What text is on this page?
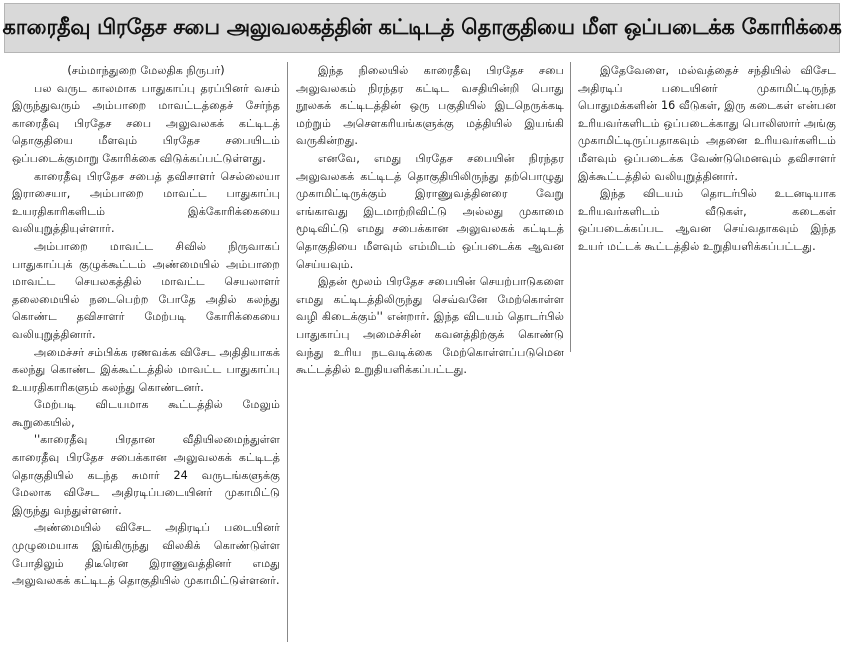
காரைதீவு பிரதேச சபை அலுவலகத்தின் கட்டிடத் தொகுதியை மீள ஒப்படைக்க கோரிக்கை

(சம்மாந்துறை மேலதிக நிருபர்)

பல வருட காலமாக பாதுகாப்பு தரப்பினர் வசம் இருந்துவரும் அம்பாறை மாவட்டத்தைச் சேர்ந்த காரைதீவு பிரதேச சபை அலுவலகக் கட்டிடத் தொகுதியை மீளவும் பிரதேச சபையிடம் ஒப்படைக்குமாறு கோரிக்கை விடுக்கப்பட்டுள்ளது.

காரைதீவு பிரதேச சபைத் தவிசாளர் செல்லையா இராசையா, அம்பாறை மாவட்ட பாதுகாப்பு உயரதிகாரிகளிடம் இக்கோரிக்கையை வலியுறுத்தியுள்ளார்.

அம்பாறை மாவட்ட சிவில் நிருவாகப் பாதுகாப்புக் குழுக்கூட்டம் அண்மையில் அம்பாறை மாவட்ட செயலகத்தில் மாவட்ட செயலாளர் தலைமையில் நடைபெற்ற போதே அதில் கலந்து கொண்ட தவிசாளர் மேற்படி கோரிக்கையை வலியுறுத்தினார்.

அமைச்சர் சம்பிக்க ரணவக்க விசேட அதிதியாகக் கலந்து கொண்ட இக்கூட்டத்தில் மாவட்ட பாதுகாப்பு உயரதிகாரிகளும் கலந்து கொண்டனர்.

மேற்படி விடயமாக கூட்டத்தில் மேலும் கூறுகையில்,

''காரைதீவு பிரதான வீதியிலமைந்துள்ள காரைதீவு பிரதேச சபைக்கான அலுவலகக் கட்டிடத் தொகுதியில் கடந்த சுமார் 24 வருடங்களுக்கு மேலாக விசேட அதிரடிப்படையினர் முகாமிட்டு இருந்து வந்துள்ளனர்.

அண்மையில் விசேட அதிரடிப் படையினர் முழுமையாக இங்கிருந்து விலகிக் கொண்டுள்ள போதிலும் திடீரென இராணுவத்தினர் எமது அலுவலகக் கட்டிடத் தொகுதியில் முகாமிட்டுள்ளனர்.

இந்த நிலையில் காரைதீவு பிரதேச சபை அலுவலகம் நிரந்தர கட்டிட வசதியின்றி பொது நூலகக் கட்டிடத்தின் ஒரு பகுதியில் இடநெருக்கடி மற்றும் அசௌகரியங்களுக்கு மத்தியில் இயங்கி வருகின்றது.

எனவே, எமது பிரதேச சபையின் நிரந்தர அலுவலகக் கட்டிடத் தொகுதியிலிருந்து தற்பொழுது முகாமிட்டிருக்கும் இராணுவத்தினரை வேறு எங்காவது இடமாற்றிவிட்டு அல்லது முகாமை மூடிவிட்டு எமது சபைக்கான அலுவலகக் கட்டிடத் தொகுதியை மீளவும் எம்மிடம் ஒப்படைக்க ஆவன செய்யவும்.

இதன் மூலம் பிரதேச சபையின் செயற்பாடுகளை எமது கட்டிடத்திலிருந்து செவ்வனே மேற்கொள்ள வழி கிடைக்கும்'' என்றார். இந்த விடயம் தொடர்பில் பாதுகாப்பு அமைச்சின் கவனத்திற்குக் கொண்டு வந்து உரிய நடவடிக்கை மேற்கொள்ளப்படுமென கூட்டத்தில் உறுதியளிக்கப்பட்டது.

இதேவேளை, மல்வத்தைச் சந்தியில் விசேட அதிரடிப் படையினர் முகாமிட்டிருந்த பொதுமக்களின் 16 வீடுகள், இரு கடைகள் என்பன உரியவர்களிடம் ஒப்படைக்காது பொலிஸார் அங்கு முகாமிட்டிருப்பதாகவும் அதனை உரியவர்களிடம் மீளவும் ஒப்படைக்க வேண்டுமெனவும் தவிசாளர் இக்கூட்டத்தில் வலியுறுத்தினார்.

இந்த விடயம் தொடர்பில் உடனடியாக உரியவர்களிடம் வீடுகள், கடைகள் ஒப்படைக்கப்பட ஆவன செய்வதாகவும் இந்த உயர் மட்டக் கூட்டத்தில் உறுதியளிக்கப்பட்டது.
